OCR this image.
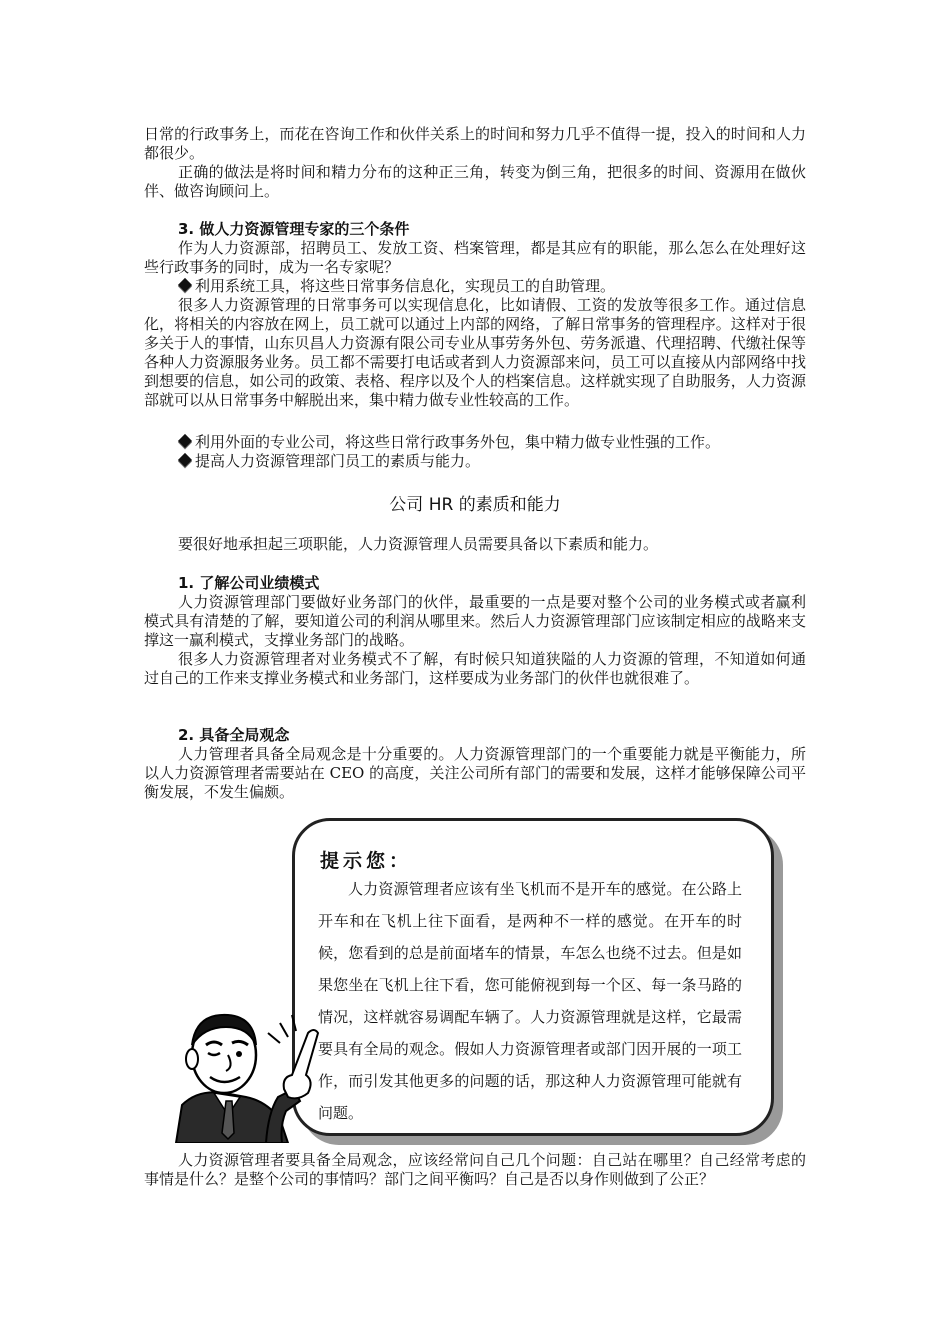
日常的行政事务上，而花在咨询工作和伙伴关系上的时间和努力几乎不值得一提，投入的时间和人力都很少。

正确的做法是将时间和精力分布的这种正三角，转变为倒三角，把很多的时间、资源用在做伙伴、做咨询顾问上。

3. 做人力资源管理专家的三个条件

作为人力资源部，招聘员工、发放工资、档案管理，都是其应有的职能，那么怎么在处理好这些行政事务的同时，成为一名专家呢？

利用系统工具，将这些日常事务信息化，实现员工的自助管理。

很多人力资源管理的日常事务可以实现信息化，比如请假、工资的发放等很多工作。通过信息化，将相关的内容放在网上，员工就可以通过上内部的网络，了解日常事务的管理程序。这样对于很多关于人的事情，山东贝昌人力资源有限公司专业从事劳务外包、劳务派遣、代理招聘、代缴社保等各种人力资源服务业务。员工都不需要打电话或者到人力资源部来问，员工可以直接从内部网络中找到想要的信息，如公司的政策、表格、程序以及个人的档案信息。这样就实现了自助服务，人力资源部就可以从日常事务中解脱出来，集中精力做专业性较高的工作。

利用外面的专业公司，将这些日常行政事务外包，集中精力做专业性强的工作。
提高人力资源管理部门员工的素质与能力。
公司 HR 的素质和能力

要很好地承担起三项职能，人力资源管理人员需要具备以下素质和能力。

1. 了解公司业绩模式

人力资源管理部门要做好业务部门的伙伴，最重要的一点是要对整个公司的业务模式或者赢利模式具有清楚的了解，要知道公司的利润从哪里来。然后人力资源管理部门应该制定相应的战略来支撑这一赢利模式，支撑业务部门的战略。

很多人力资源管理者对业务模式不了解，有时候只知道狭隘的人力资源的管理，不知道如何通过自己的工作来支撑业务模式和业务部门，这样要成为业务部门的伙伴也就很难了。

2. 具备全局观念

人力管理者具备全局观念是十分重要的。人力资源管理部门的一个重要能力就是平衡能力，所以人力资源管理者需要站在 CEO 的高度，关注公司所有部门的需要和发展，这样才能够保障公司平衡发展，不发生偏颇。

提示您：

人力资源管理者应该有坐飞机而不是开车的感觉。在公路上开车和在飞机上往下面看，是两种不一样的感觉。在开车的时候，您看到的总是前面堵车的情景，车怎么也绕不过去。但是如果您坐在飞机上往下看，您可能俯视到每一个区、每一条马路的情况，这样就容易调配车辆了。人力资源管理就是这样，它最需要具有全局的观念。假如人力资源管理者或部门因开展的一项工作，而引发其他更多的问题的话，那这种人力资源管理可能就有问题。

人力资源管理者要具备全局观念，应该经常问自己几个问题：自己站在哪里？自己经常考虑的事情是什么？是整个公司的事情吗？部门之间平衡吗？自己是否以身作则做到了公正？
